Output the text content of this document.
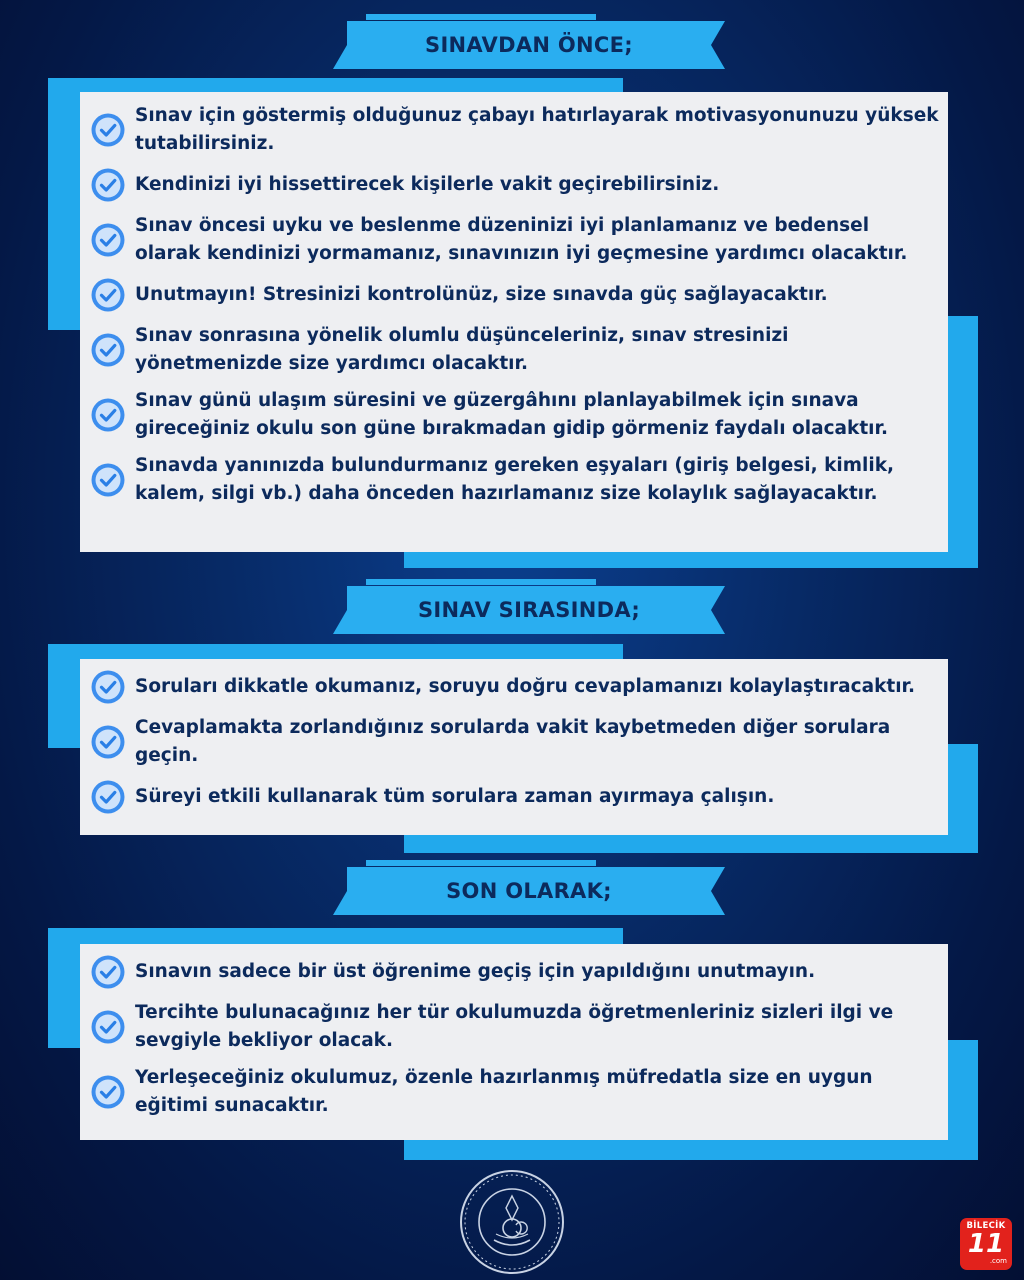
SINAVDAN ÖNCE;
Sınav için göstermiş olduğunuz çabayı hatırlayarak motivasyonunuzu yüksek tutabilirsiniz.
Kendinizi iyi hissettirecek kişilerle vakit geçirebilirsiniz.
Sınav öncesi uyku ve beslenme düzeninizi iyi planlamanız ve bedensel olarak kendinizi yormamanız, sınavınızın iyi geçmesine yardımcı olacaktır.
Unutmayın! Stresinizi kontrolünüz, size sınavda güç sağlayacaktır.
Sınav sonrasına yönelik olumlu düşünceleriniz, sınav stresinizi yönetmenizde size yardımcı olacaktır.
Sınav günü ulaşım süresini ve güzergâhını planlayabilmek için sınava gireceğiniz okulu son güne bırakmadan gidip görmeniz faydalı olacaktır.
Sınavda yanınızda bulundurmanız gereken eşyaları (giriş belgesi, kimlik, kalem, silgi vb.) daha önceden hazırlamanız size kolaylık sağlayacaktır.
SINAV SIRASINDA;
Soruları dikkatle okumanız, soruyu doğru cevaplamanızı kolaylaştıracaktır.
Cevaplamakta zorlandığınız sorularda vakit kaybetmeden diğer sorulara geçin.
Süreyi etkili kullanarak tüm sorulara zaman ayırmaya çalışın.
SON OLARAK;
Sınavın sadece bir üst öğrenime geçiş için yapıldığını unutmayın.
Tercihte bulunacağınız her tür okulumuzda öğretmenleriniz sizleri ilgi ve sevgiyle bekliyor olacak.
Yerleşeceğiniz okulumuz, özenle hazırlanmış müfredatla size en uygun eğitimi sunacaktır.
BİLECİK
11
.com
